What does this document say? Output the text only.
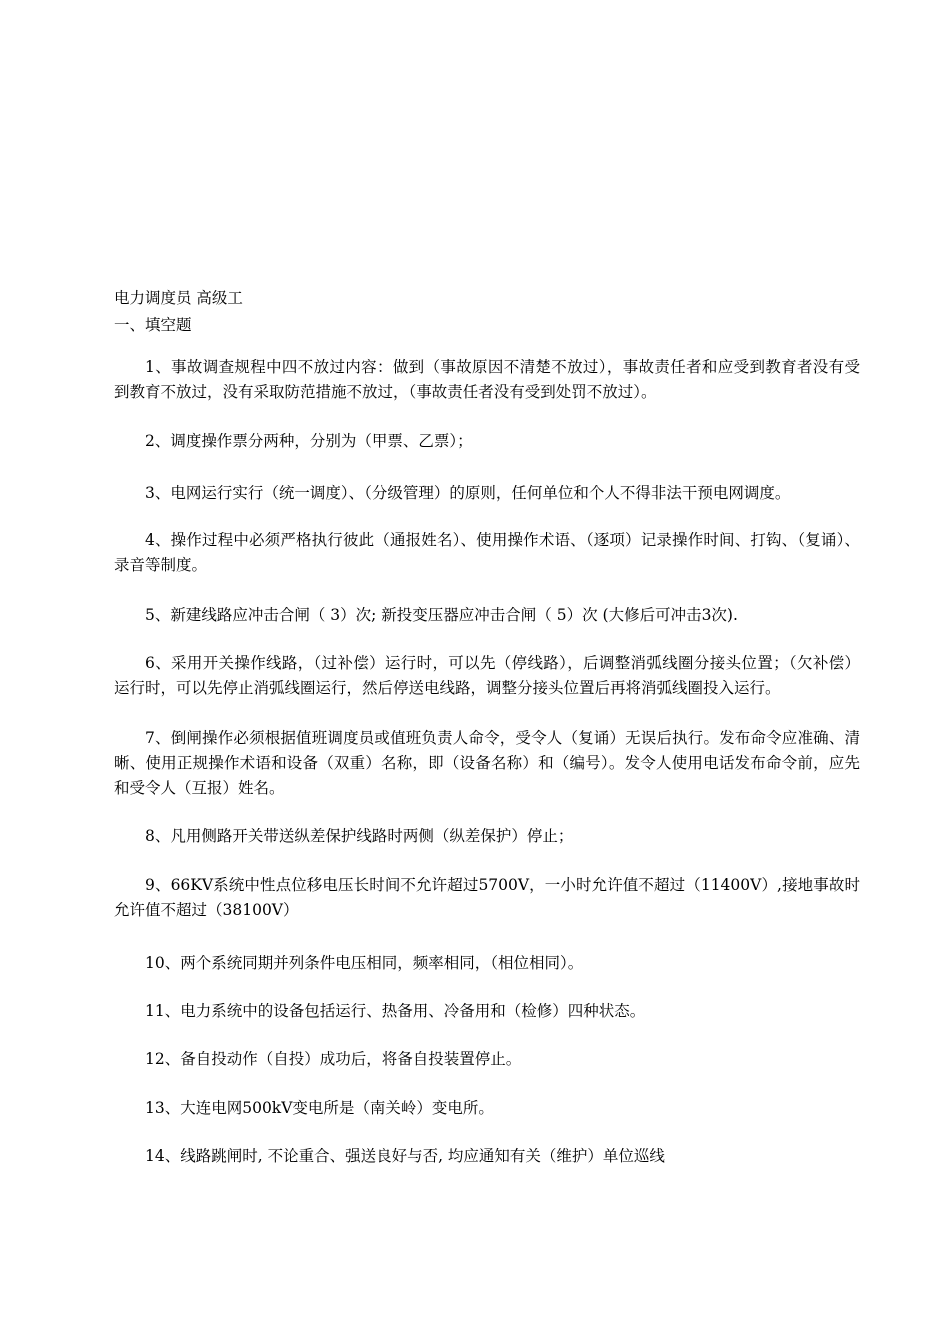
电力调度员 高级工
一、填空题

1、事故调查规程中四不放过内容：做到（事故原因不清楚不放过），事故责任者和应受到教育者没有受到教育不放过，没有采取防范措施不放过，（事故责任者没有受到处罚不放过）。

2、调度操作票分两种，分别为（甲票、乙票）；

3、电网运行实行（统一调度）、（分级管理）的原则，任何单位和个人不得非法干预电网调度。

4、操作过程中必须严格执行彼此（通报姓名）、使用操作术语、（逐项）记录操作时间、打钩、（复诵）、录音等制度。

5、新建线路应冲击合闸（ 3）次; 新投变压器应冲击合闸（ 5）次 (大修后可冲击3次).

6、采用开关操作线路，（过补偿）运行时，可以先（停线路），后调整消弧线圈分接头位置；（欠补偿）运行时，可以先停止消弧线圈运行，然后停送电线路，调整分接头位置后再将消弧线圈投入运行。

7、倒闸操作必须根据值班调度员或值班负责人命令，受令人（复诵）无误后执行。发布命令应准确、清晰、使用正规操作术语和设备（双重）名称，即（设备名称）和（编号）。发令人使用电话发布命令前，应先和受令人（互报）姓名。

8、凡用侧路开关带送纵差保护线路时两侧（纵差保护）停止；

9、66KV系统中性点位移电压长时间不允许超过5700V，一小时允许值不超过（11400V）,接地事故时允许值不超过（38100V）

10、两个系统同期并列条件电压相同，频率相同，（相位相同）。

11、电力系统中的设备包括运行、热备用、冷备用和（检修）四种状态。

12、备自投动作（自投）成功后，将备自投装置停止。

13、大连电网500kV变电所是（南关岭）变电所。

14、线路跳闸时, 不论重合、强送良好与否, 均应通知有关（维护）单位巡线
